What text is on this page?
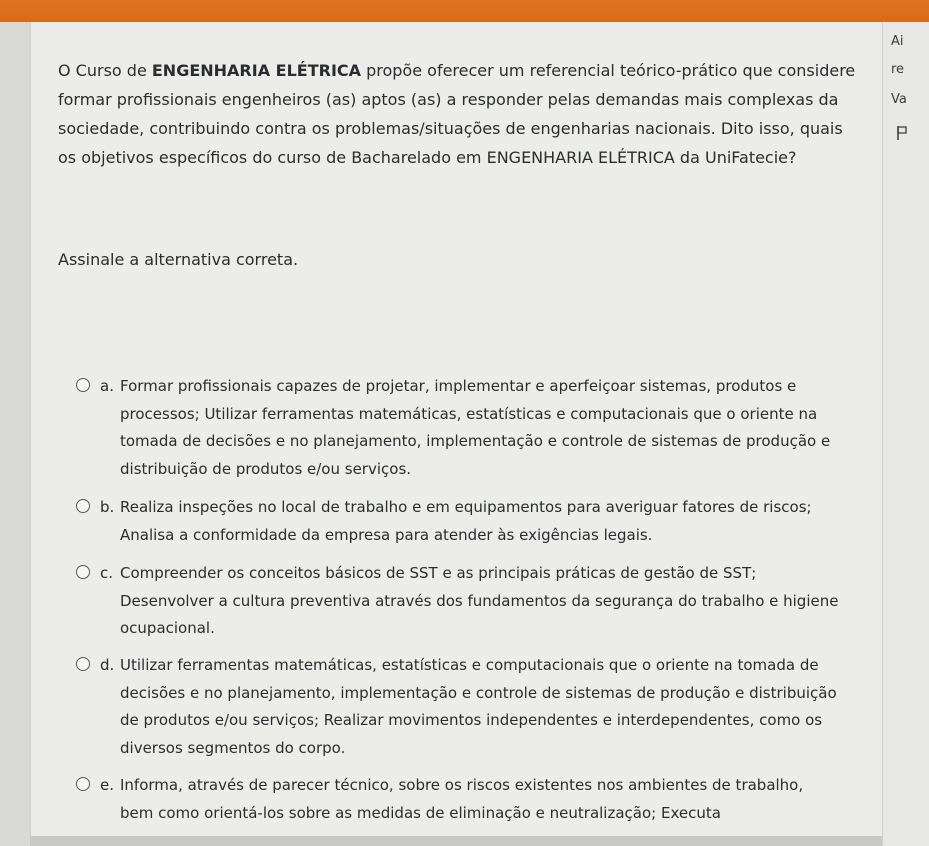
Ai
re
Va
O Curso de ENGENHARIA ELÉTRICA propõe oferecer um referencial teórico-prático que considere formar profissionais engenheiros (as) aptos (as) a responder pelas demandas mais complexas da sociedade, contribuindo contra os problemas/situações de engenharias nacionais. Dito isso, quais os objetivos específicos do curso de Bacharelado em ENGENHARIA ELÉTRICA da UniFatecie?
Assinale a alternativa correta.
a. Formar profissionais capazes de projetar, implementar e aperfeiçoar sistemas, produtos e processos; Utilizar ferramentas matemáticas, estatísticas e computacionais que o oriente na tomada de decisões e no planejamento, implementação e controle de sistemas de produção e distribuição de produtos e/ou serviços.
b. Realiza inspeções no local de trabalho e em equipamentos para averiguar fatores de riscos; Analisa a conformidade da empresa para atender às exigências legais.
c. Compreender os conceitos básicos de SST e as principais práticas de gestão de SST; Desenvolver a cultura preventiva através dos fundamentos da segurança do trabalho e higiene ocupacional.
d. Utilizar ferramentas matemáticas, estatísticas e computacionais que o oriente na tomada de decisões e no planejamento, implementação e controle de sistemas de produção e distribuição de produtos e/ou serviços; Realizar movimentos independentes e interdependentes, como os diversos segmentos do corpo.
e. Informa, através de parecer técnico, sobre os riscos existentes nos ambientes de trabalho, bem como orientá-los sobre as medidas de eliminação e neutralização; Executa
